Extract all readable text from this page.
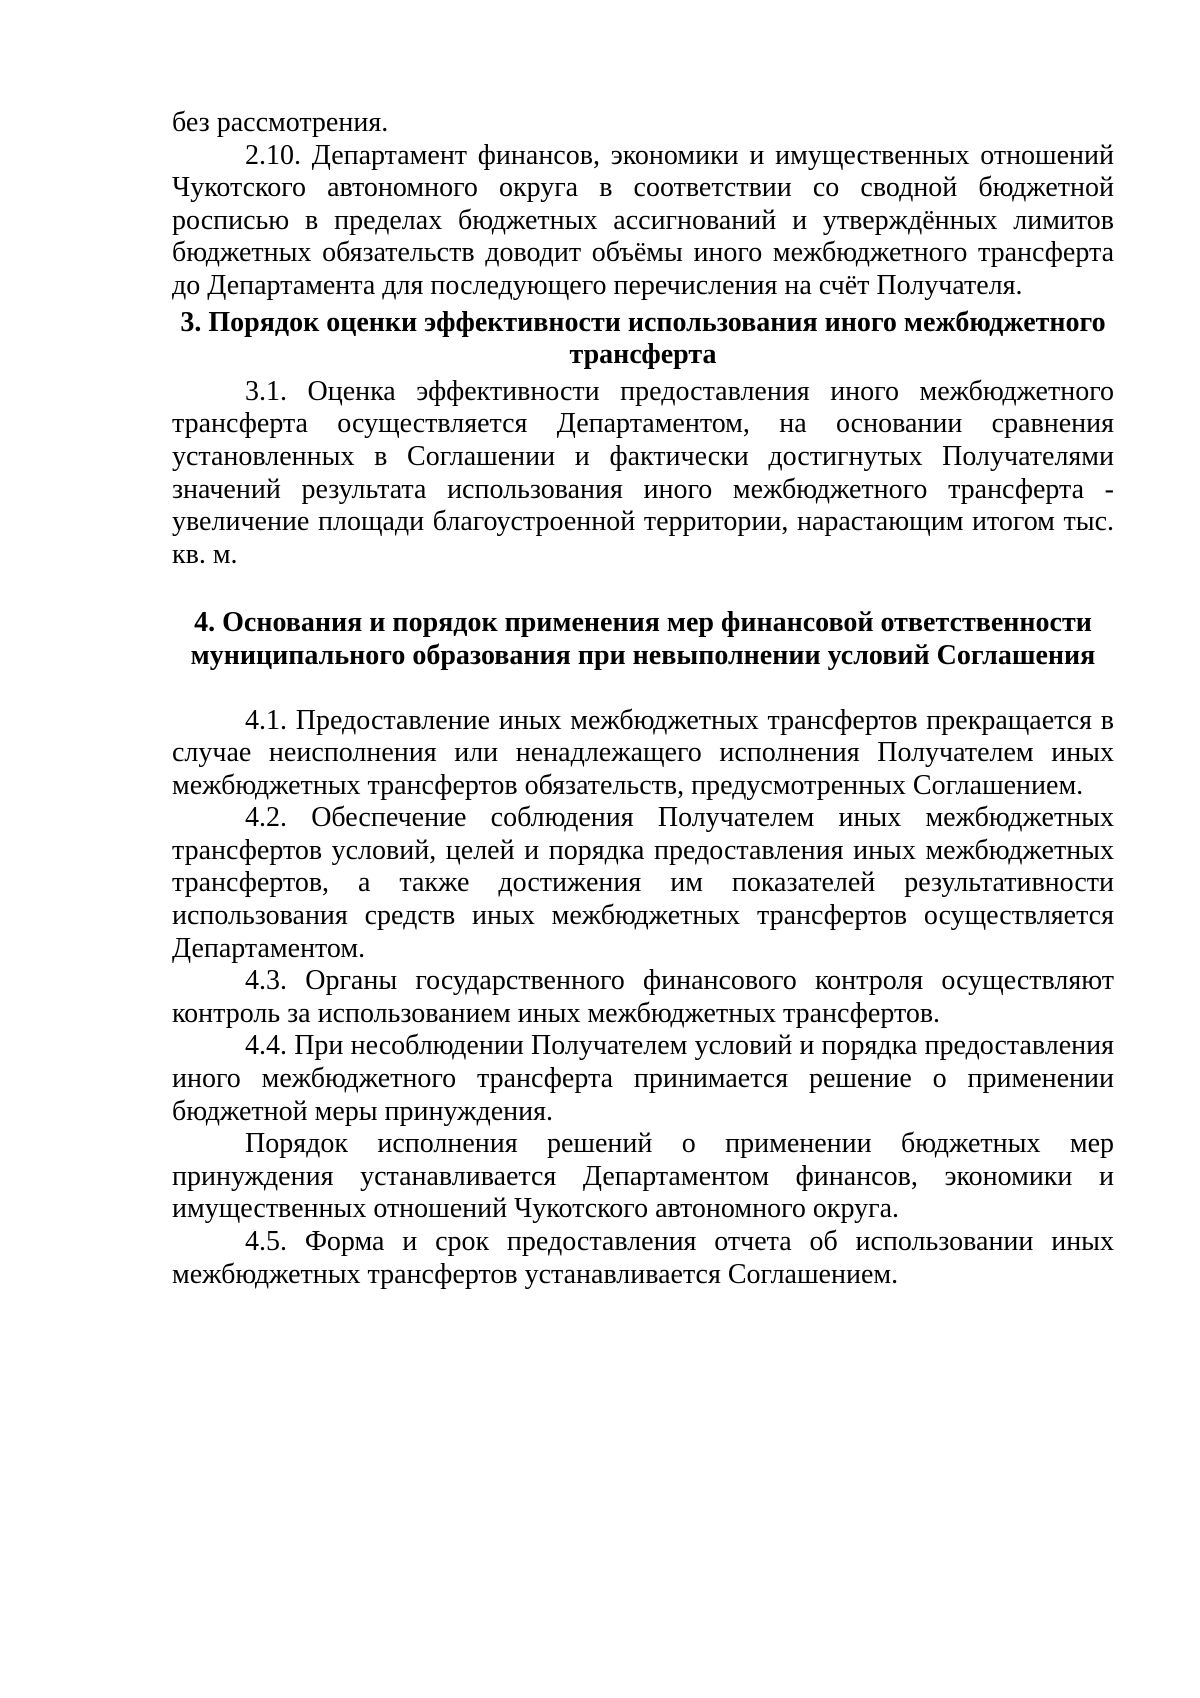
без рассмотрения.

2.10. Департамент финансов, экономики и имущественных отношений Чукотского автономного округа в соответствии со сводной бюджетной росписью в пределах бюджетных ассигнований и утверждённых лимитов бюджетных обязательств доводит объёмы иного межбюджетного трансферта до Департамента для последующего перечисления на счёт Получателя.

3. Порядок оценки эффективности использования иного межбюджетного трансферта

3.1. Оценка эффективности предоставления иного межбюджетного трансферта осуществляется Департаментом, на основании сравнения установленных в Соглашении и фактически достигнутых Получателями значений результата использования иного межбюджетного трансферта - увеличение площади благоустроенной территории, нарастающим итогом тыс. кв. м.

4. Основания и порядок применения мер финансовой ответственности
муниципального образования при невыполнении условий Соглашения

4.1. Предоставление иных межбюджетных трансфертов прекращается в случае неисполнения или ненадлежащего исполнения Получателем иных межбюджетных трансфертов обязательств, предусмотренных Соглашением.

4.2. Обеспечение соблюдения Получателем иных межбюджетных трансфертов условий, целей и порядка предоставления иных межбюджетных трансфертов, а также достижения им показателей результативности использования средств иных межбюджетных трансфертов осуществляется Департаментом.

4.3. Органы государственного финансового контроля осуществляют контроль за использованием иных межбюджетных трансфертов.

4.4. При несоблюдении Получателем условий и порядка предоставления иного межбюджетного трансферта принимается решение о применении бюджетной меры принуждения.

Порядок исполнения решений о применении бюджетных мер принуждения устанавливается Департаментом финансов, экономики и имущественных отношений Чукотского автономного округа.

4.5. Форма и срок предоставления отчета об использовании иных межбюджетных трансфертов устанавливается Соглашением.
